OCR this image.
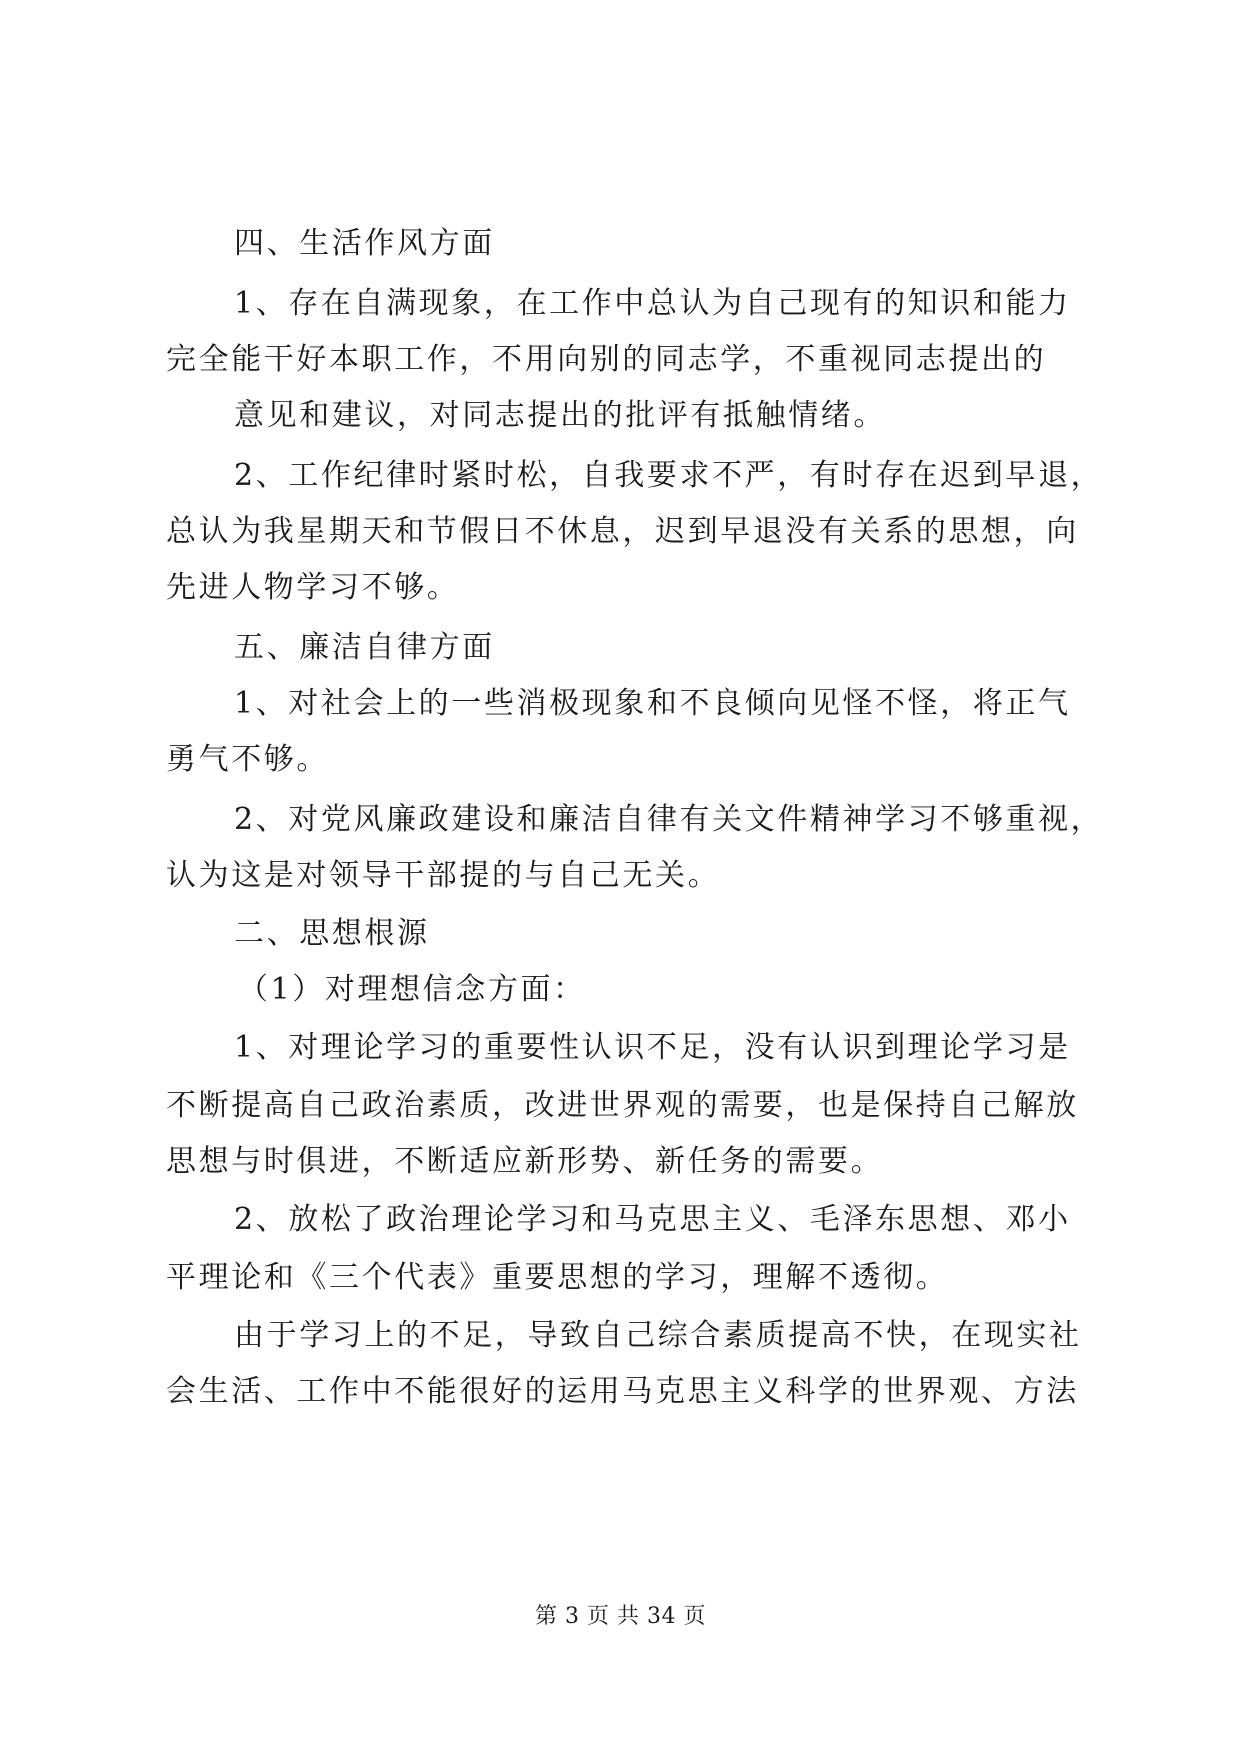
四、生活作风方面
1、存在自满现象，在工作中总认为自己现有的知识和能力
完全能干好本职工作，不用向别的同志学，不重视同志提出的
意见和建议，对同志提出的批评有抵触情绪。
2、工作纪律时紧时松，自我要求不严，有时存在迟到早退，
总认为我星期天和节假日不休息，迟到早退没有关系的思想，向
先进人物学习不够。
五、廉洁自律方面
1、对社会上的一些消极现象和不良倾向见怪不怪，将正气
勇气不够。
2、对党风廉政建设和廉洁自律有关文件精神学习不够重视，
认为这是对领导干部提的与自己无关。
二、思想根源
（1）对理想信念方面：
1、对理论学习的重要性认识不足，没有认识到理论学习是
不断提高自己政治素质，改进世界观的需要，也是保持自己解放
思想与时俱进，不断适应新形势、新任务的需要。
2、放松了政治理论学习和马克思主义、毛泽东思想、邓小
平理论和《三个代表》重要思想的学习，理解不透彻。
由于学习上的不足，导致自己综合素质提高不快，在现实社
会生活、工作中不能很好的运用马克思主义科学的世界观、方法
第 3 页 共 34 页
